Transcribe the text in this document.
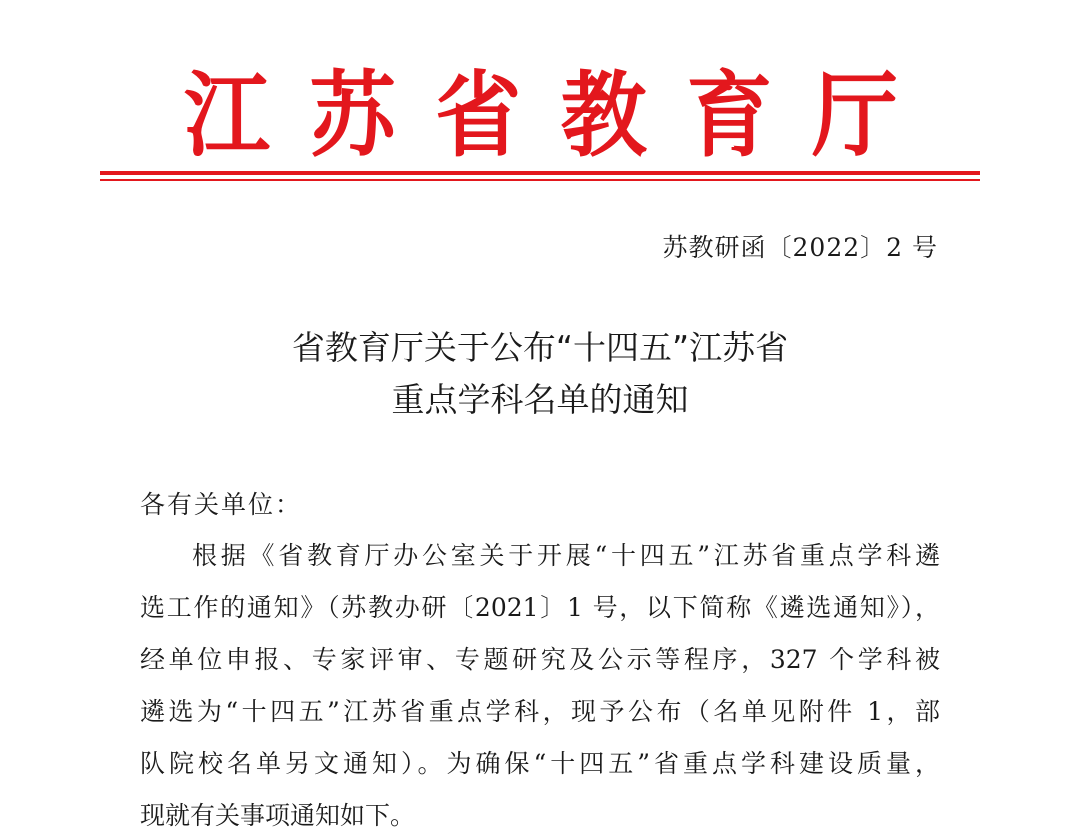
江 苏 省 教 育 厅
苏教研函〔2022〕2 号
省教育厅关于公布“十四五”江苏省
重点学科名单的通知
各有关单位：
根据《省教育厅办公室关于开展“十四五”江苏省重点学科遴
选工作的通知》（苏教办研〔2021〕1 号，以下简称《遴选通知》），
经单位申报、专家评审、专题研究及公示等程序，327 个学科被
遴选为“十四五”江苏省重点学科，现予公布（名单见附件 1，部
队院校名单另文通知）。为确保“十四五”省重点学科建设质量，
现就有关事项通知如下。
